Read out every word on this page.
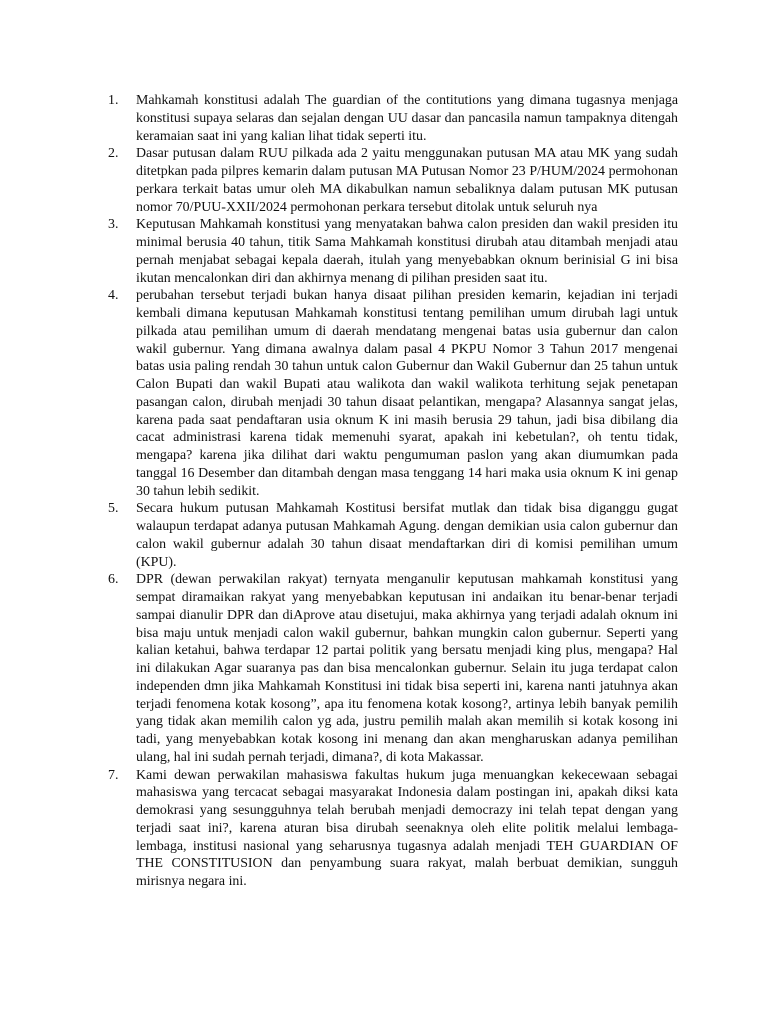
1.	Mahkamah konstitusi adalah The guardian of the contitutions yang dimana tugasnya menjaga konstitusi supaya selaras dan sejalan dengan UU dasar dan pancasila namun tampaknya ditengah keramaian saat ini yang kalian lihat tidak seperti itu.
2.	Dasar putusan dalam RUU pilkada ada 2 yaitu menggunakan putusan MA atau MK yang sudah ditetpkan pada pilpres kemarin dalam putusan MA Putusan Nomor 23 P/HUM/2024 permohonan perkara terkait batas umur oleh MA dikabulkan namun sebaliknya dalam putusan MK putusan nomor 70/PUU-XXII/2024 permohonan perkara tersebut ditolak untuk seluruh nya
3.	Keputusan Mahkamah konstitusi yang menyatakan bahwa calon presiden dan wakil presiden itu minimal berusia 40 tahun, titik Sama Mahkamah konstitusi dirubah atau ditambah menjadi atau pernah menjabat sebagai kepala daerah, itulah yang menyebabkan oknum berinisial G ini bisa ikutan mencalonkan diri dan akhirnya menang di pilihan presiden saat itu.
4.	perubahan tersebut terjadi bukan hanya disaat pilihan presiden kemarin, kejadian ini terjadi kembali dimana keputusan Mahkamah konstitusi tentang pemilihan umum dirubah lagi untuk pilkada atau pemilihan umum di daerah mendatang mengenai batas usia gubernur dan calon wakil gubernur. Yang dimana awalnya dalam pasal 4 PKPU Nomor 3 Tahun 2017 mengenai batas usia paling rendah 30 tahun untuk calon Gubernur dan Wakil Gubernur dan 25 tahun untuk Calon Bupati dan wakil Bupati atau walikota dan wakil walikota terhitung sejak penetapan pasangan calon, dirubah menjadi 30 tahun disaat pelantikan, mengapa? Alasannya sangat jelas, karena pada saat pendaftaran usia oknum K ini masih berusia 29 tahun, jadi bisa dibilang dia cacat administrasi karena tidak memenuhi syarat, apakah ini kebetulan?, oh tentu tidak, mengapa? karena jika dilihat dari waktu pengumuman paslon yang akan diumumkan pada tanggal 16 Desember dan ditambah dengan masa tenggang 14 hari maka usia oknum K ini genap 30 tahun lebih sedikit.
5.	Secara hukum putusan Mahkamah Kostitusi bersifat mutlak dan tidak bisa diganggu gugat walaupun terdapat adanya putusan Mahkamah Agung. dengan demikian usia calon gubernur dan calon wakil gubernur adalah 30 tahun disaat mendaftarkan diri di komisi pemilihan umum (KPU).
6.	DPR (dewan perwakilan rakyat) ternyata menganulir keputusan mahkamah konstitusi yang sempat diramaikan rakyat yang menyebabkan keputusan ini andaikan itu benar-benar terjadi sampai dianulir DPR dan diAprove atau disetujui, maka akhirnya yang terjadi adalah oknum ini bisa maju untuk menjadi calon wakil gubernur, bahkan mungkin calon gubernur. Seperti yang kalian ketahui, bahwa terdapar 12 partai politik yang bersatu menjadi king plus, mengapa? Hal ini dilakukan Agar suaranya pas dan bisa mencalonkan gubernur. Selain itu juga terdapat calon independen dmn jika Mahkamah Konstitusi ini tidak bisa seperti ini, karena nanti jatuhnya akan terjadi fenomena kotak kosong”, apa itu fenomena kotak kosong?, artinya lebih banyak pemilih yang tidak akan memilih calon yg ada, justru pemilih malah akan memilih si kotak kosong ini tadi, yang menyebabkan kotak kosong ini menang dan akan mengharuskan adanya pemilihan ulang, hal ini sudah pernah terjadi, dimana?, di kota Makassar.
7.	Kami dewan perwakilan mahasiswa fakultas hukum juga menuangkan kekecewaan sebagai mahasiswa yang tercacat sebagai masyarakat Indonesia dalam postingan ini, apakah diksi kata demokrasi yang sesungguhnya telah berubah menjadi democrazy ini telah tepat dengan yang terjadi saat ini?, karena aturan bisa dirubah seenaknya oleh elite politik melalui lembaga-lembaga, institusi nasional yang seharusnya tugasnya adalah menjadi TEH GUARDIAN OF THE CONSTITUSION dan penyambung suara rakyat, malah berbuat demikian, sungguh mirisnya negara ini.
